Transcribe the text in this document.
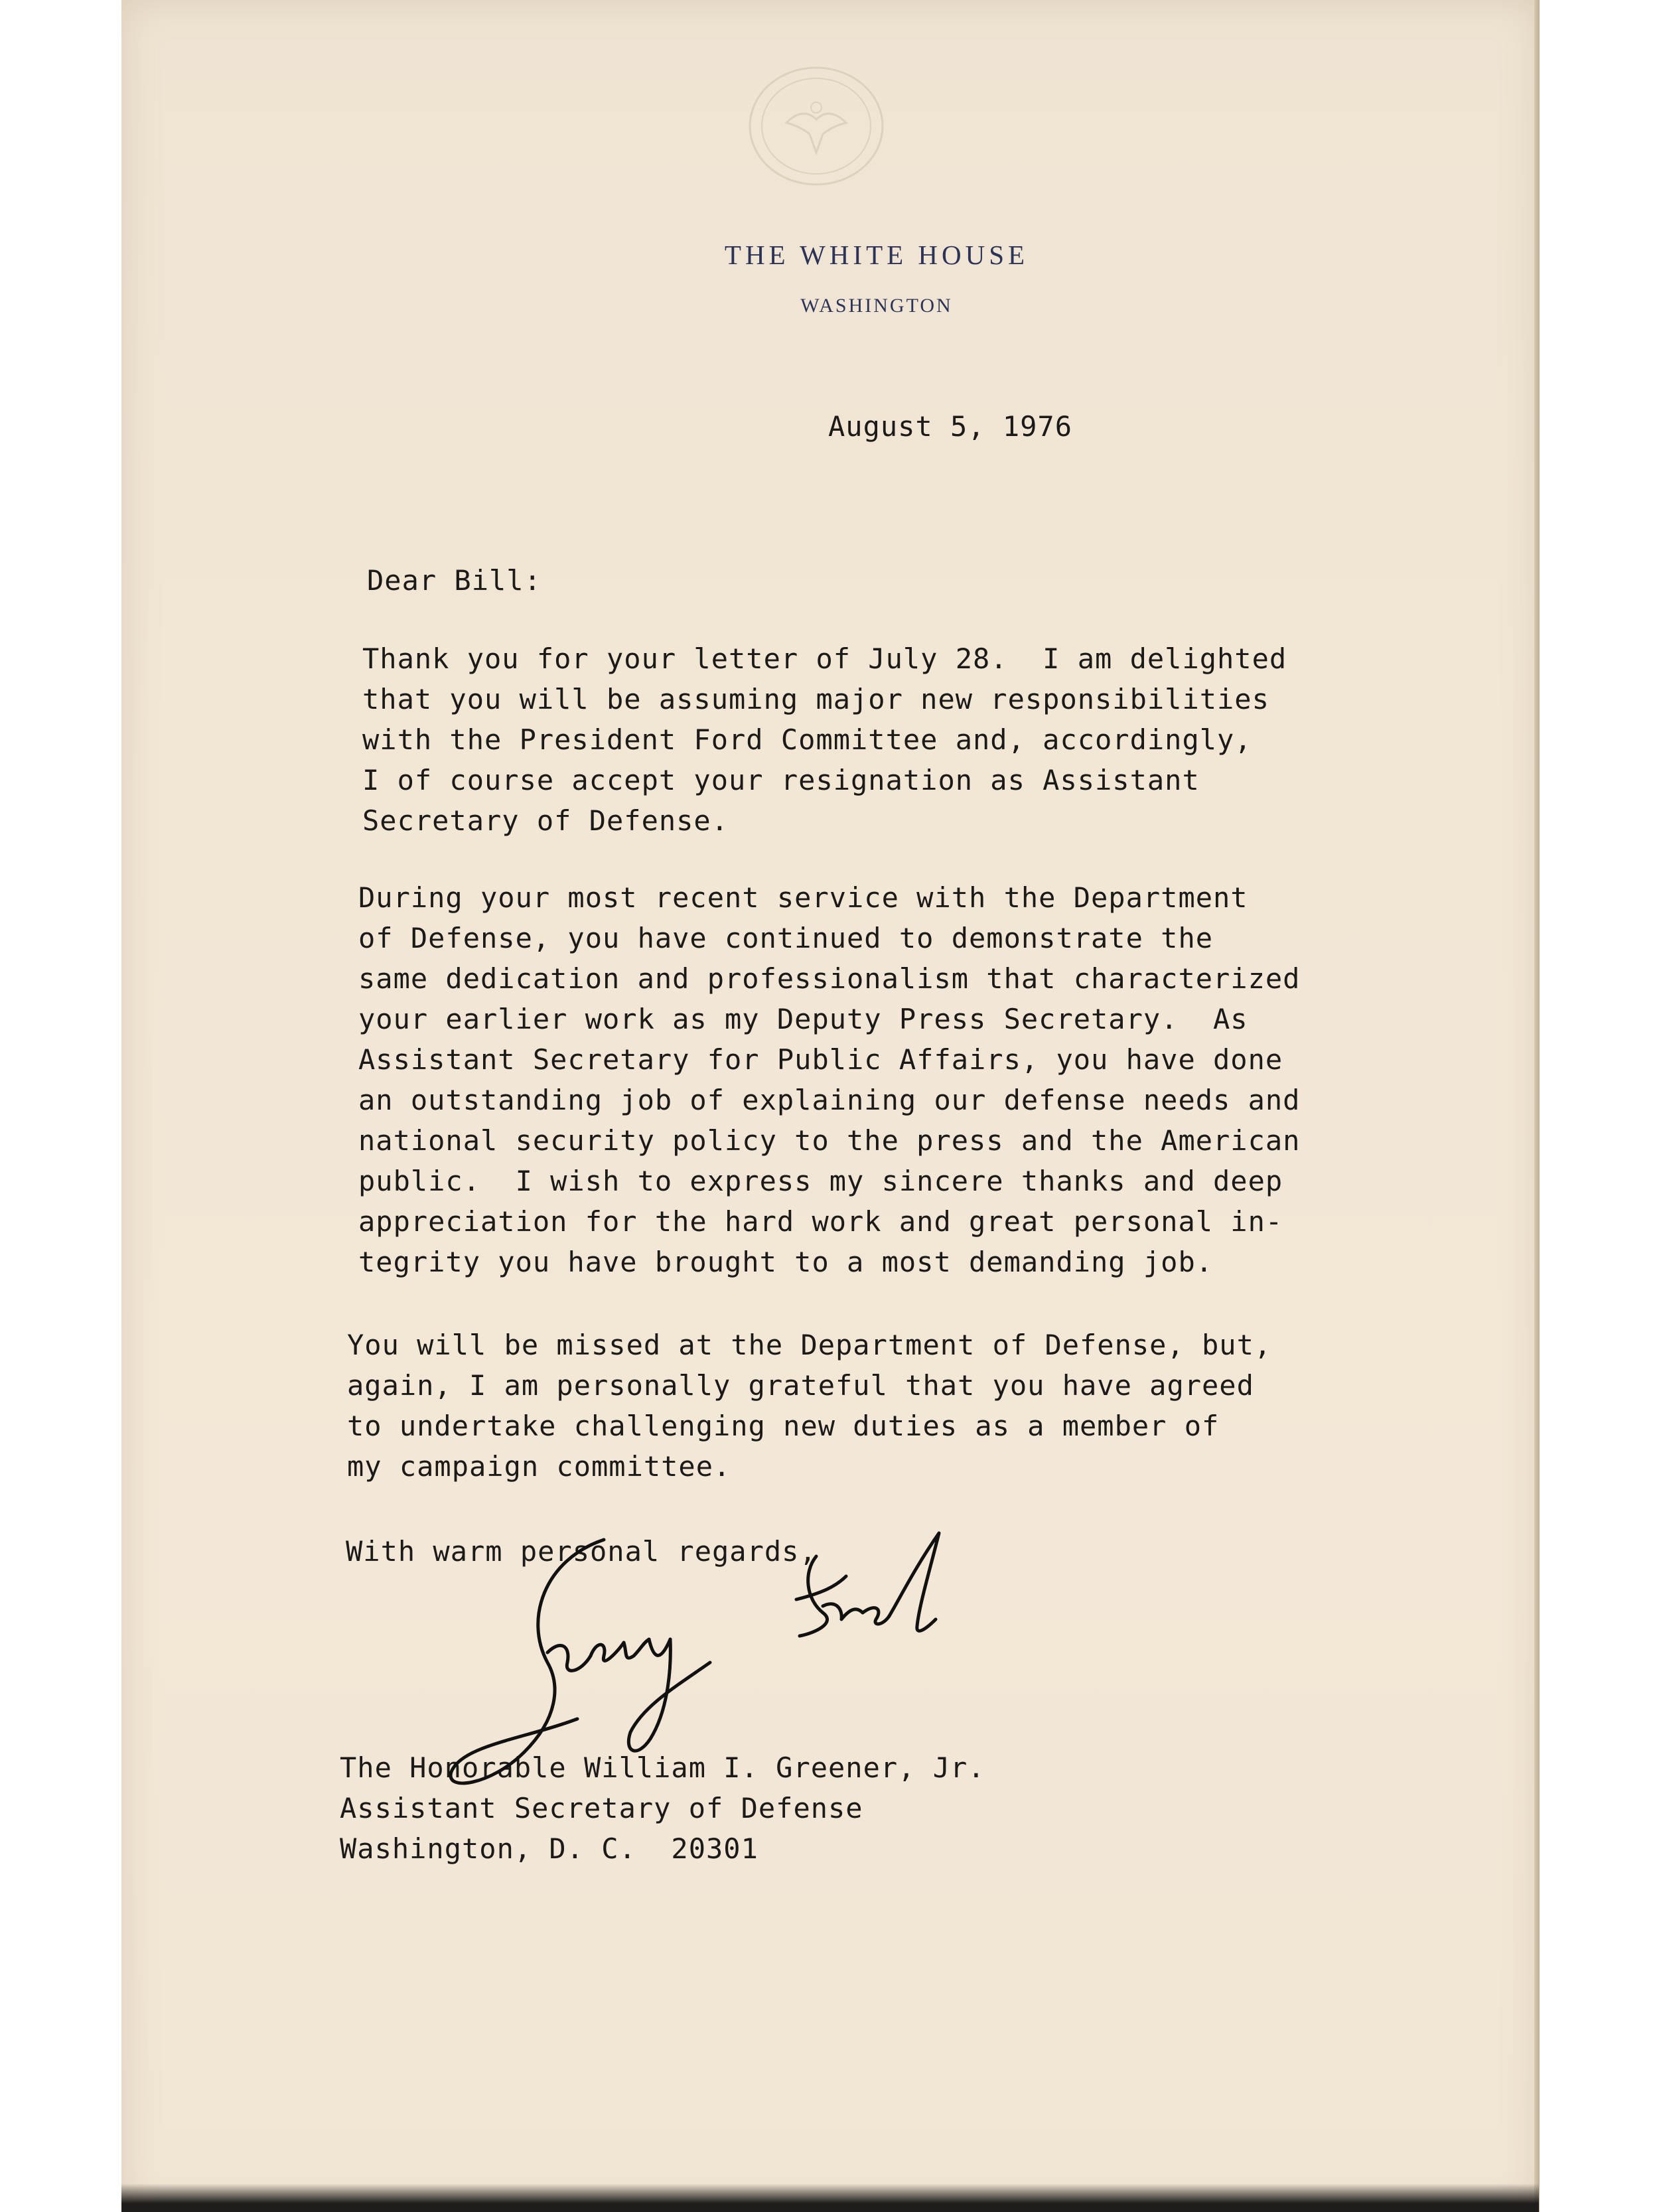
THE WHITE HOUSE
WASHINGTON
August 5, 1976
Dear Bill:

Thank you for your letter of July 28.  I am delighted
that you will be assuming major new responsibilities
with the President Ford Committee and, accordingly,
I of course accept your resignation as Assistant
Secretary of Defense.

During your most recent service with the Department
of Defense, you have continued to demonstrate the
same dedication and professionalism that characterized
your earlier work as my Deputy Press Secretary.  As
Assistant Secretary for Public Affairs, you have done
an outstanding job of explaining our defense needs and
national security policy to the press and the American
public.  I wish to express my sincere thanks and deep
appreciation for the hard work and great personal in-
tegrity you have brought to a most demanding job.

You will be missed at the Department of Defense, but,
again, I am personally grateful that you have agreed
to undertake challenging new duties as a member of
my campaign committee.

With warm personal regards,

The Honorable William I. Greener, Jr.
Assistant Secretary of Defense
Washington, D. C.  20301
